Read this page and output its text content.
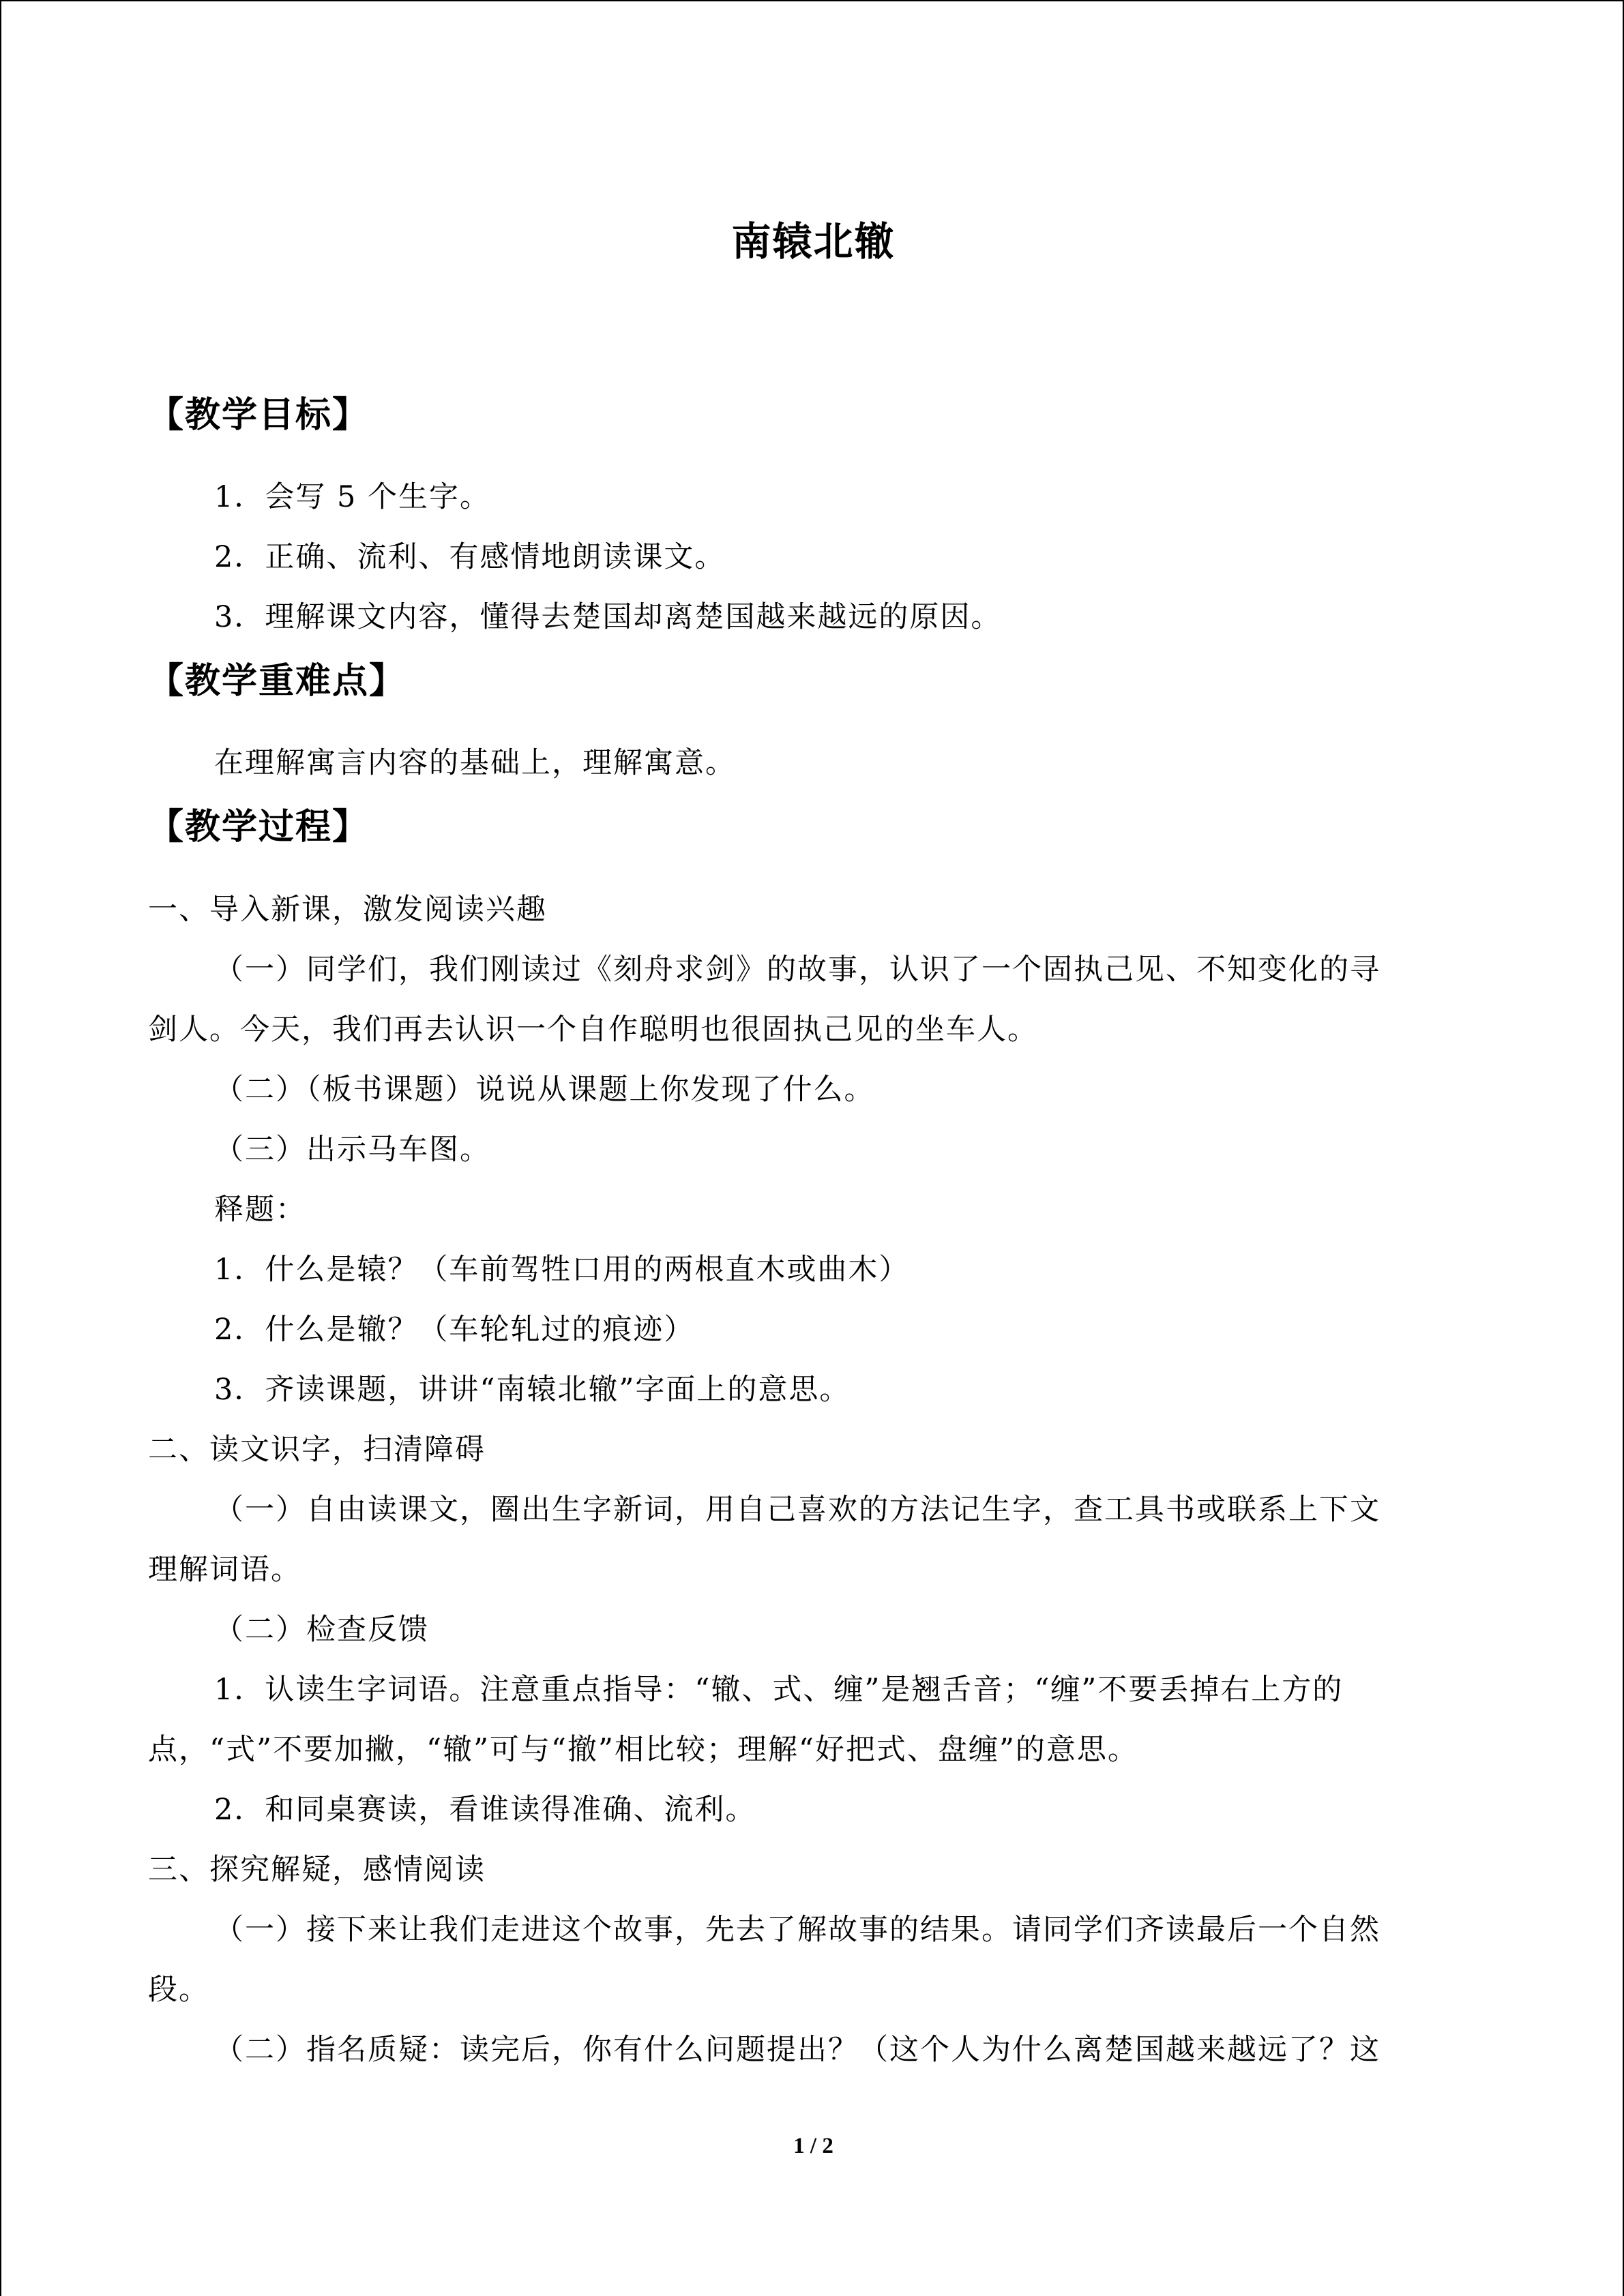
南辕北辙
【教学目标】
1．会写 5 个生字。
2．正确、流利、有感情地朗读课文。
3．理解课文内容，懂得去楚国却离楚国越来越远的原因。
【教学重难点】
在理解寓言内容的基础上，理解寓意。
【教学过程】
一、导入新课，激发阅读兴趣
（一）同学们，我们刚读过《刻舟求剑》的故事，认识了一个固执己见、不知变化的寻
剑人。今天，我们再去认识一个自作聪明也很固执己见的坐车人。
（二）（板书课题）说说从课题上你发现了什么。
（三）出示马车图。
释题：
1．什么是辕？（车前驾牲口用的两根直木或曲木）
2．什么是辙？（车轮轧过的痕迹）
3．齐读课题，讲讲“南辕北辙”字面上的意思。
二、读文识字，扫清障碍
（一）自由读课文，圈出生字新词，用自己喜欢的方法记生字，查工具书或联系上下文
理解词语。
（二）检查反馈
1．认读生字词语。注意重点指导：“辙、式、缠”是翘舌音；“缠”不要丢掉右上方的
点，“式”不要加撇，“辙”可与“撤”相比较；理解“好把式、盘缠”的意思。
2．和同桌赛读，看谁读得准确、流利。
三、探究解疑，感情阅读
（一）接下来让我们走进这个故事，先去了解故事的结果。请同学们齐读最后一个自然
段。
（二）指名质疑：读完后，你有什么问题提出？（这个人为什么离楚国越来越远了？这
1 / 2
